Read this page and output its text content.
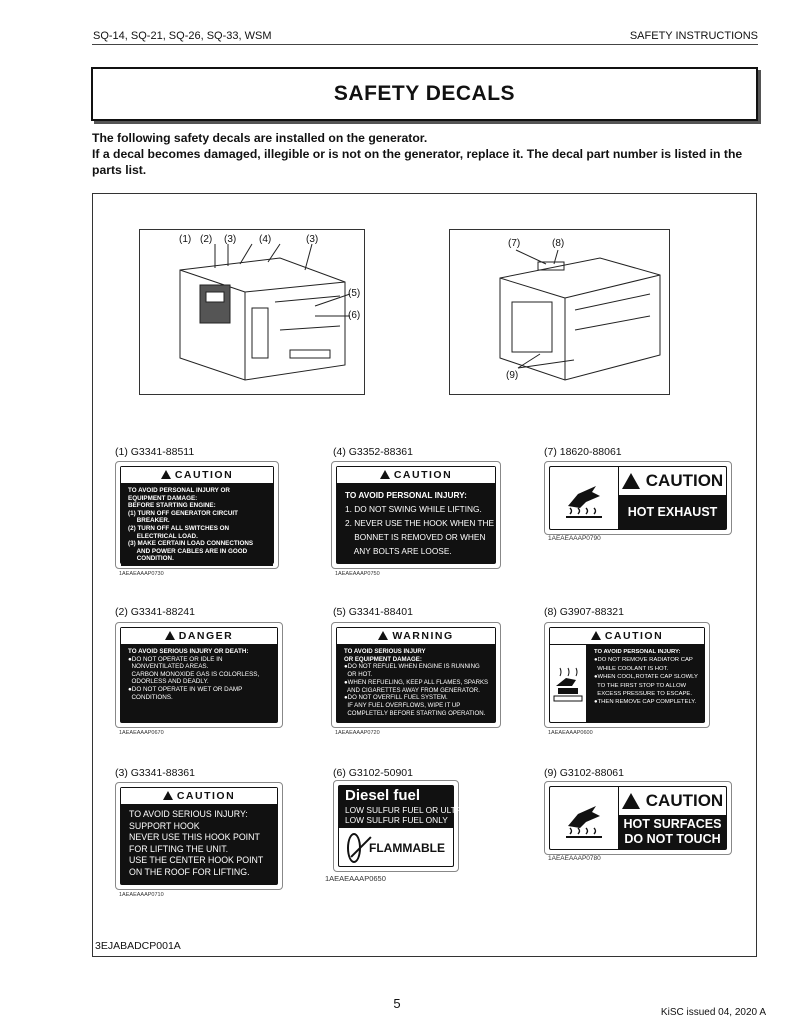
SQ-14, SQ-21, SQ-26, SQ-33, WSM	SAFETY INSTRUCTIONS
SAFETY DECALS
The following safety decals are installed on the generator.
If a decal becomes damaged, illegible or is not on the generator, replace it. The decal part number is listed in the parts list.
(1) (2) (3) (4)	(3)
(5)
(6)
(7)	(8)
(9)
(1) G3341-88511	(4) G3352-88361	(7) 18620-88061
CAUTION
TO AVOID PERSONAL INJURY OR
EQUIPMENT DAMAGE:
BEFORE STARTING ENGINE:
(1) TURN OFF GENERATOR CIRCUIT
BREAKER.
(2) TURN OFF ALL SWITCHES ON
ELECTRICAL LOAD.
(3) MAKE CERTAIN LOAD CONNECTIONS
AND POWER CABLES ARE IN GOOD
CONDITION.
1AEAEAAAP0730
CAUTION
TO AVOID PERSONAL INJURY:
1. DO NOT SWING WHILE LIFTING.
2. NEVER USE THE HOOK WHEN THE
BONNET IS REMOVED OR WHEN
ANY BOLTS ARE LOOSE.
1AEAEAAAP0750
CAUTION
HOT EXHAUST
1AEAEAAAP0790
(2) G3341-88241	(5) G3341-88401	(8) G3907-88321
DANGER
TO AVOID SERIOUS INJURY OR DEATH:
●DO NOT OPERATE OR IDLE IN
NONVENTILATED AREAS.
CARBON MONOXIDE GAS IS COLORLESS,
ODORLESS AND DEADLY.
●DO NOT OPERATE IN WET OR DAMP
CONDITIONS.
1AEAEAAAP0670
WARNING
TO AVOID SERIOUS INJURY
OR EQUIPMENT DAMAGE:
●DO NOT REFUEL WHEN ENGINE IS RUNNING
OR HOT.
●WHEN REFUELING, KEEP ALL FLAMES, SPARKS
AND CIGARETTES AWAY FROM GENERATOR.
●DO NOT OVERFILL FUEL SYSTEM.
IF ANY FUEL OVERFLOWS, WIPE IT UP
COMPLETELY BEFORE STARTING OPERATION.
1AEAEAAAP0720
CAUTION
TO AVOID PERSONAL INJURY:
●DO NOT REMOVE RADIATOR CAP
WHILE COOLANT IS HOT.
●WHEN COOL,ROTATE CAP SLOWLY
TO THE FIRST STOP TO ALLOW
EXCESS PRESSURE TO ESCAPE.
●THEN REMOVE CAP COMPLETELY.
1AEAEAAAP0600
(3) G3341-88361	(6) G3102-50901	(9) G3102-88061
CAUTION
TO AVOID SERIOUS INJURY:
SUPPORT HOOK
NEVER USE THIS HOOK POINT
FOR LIFTING THE UNIT.
USE THE CENTER HOOK POINT
ON THE ROOF FOR LIFTING.
1AEAEAAAP0710
Diesel fuel
LOW SULFUR FUEL OR ULTRA
LOW SULFUR FUEL ONLY
FLAMMABLE
1AEAEAAAP0650
CAUTION
HOT SURFACES
DO NOT TOUCH
1AEAEAAAP0780
3EJABADCP001A
5
KiSC issued 04, 2020 A
